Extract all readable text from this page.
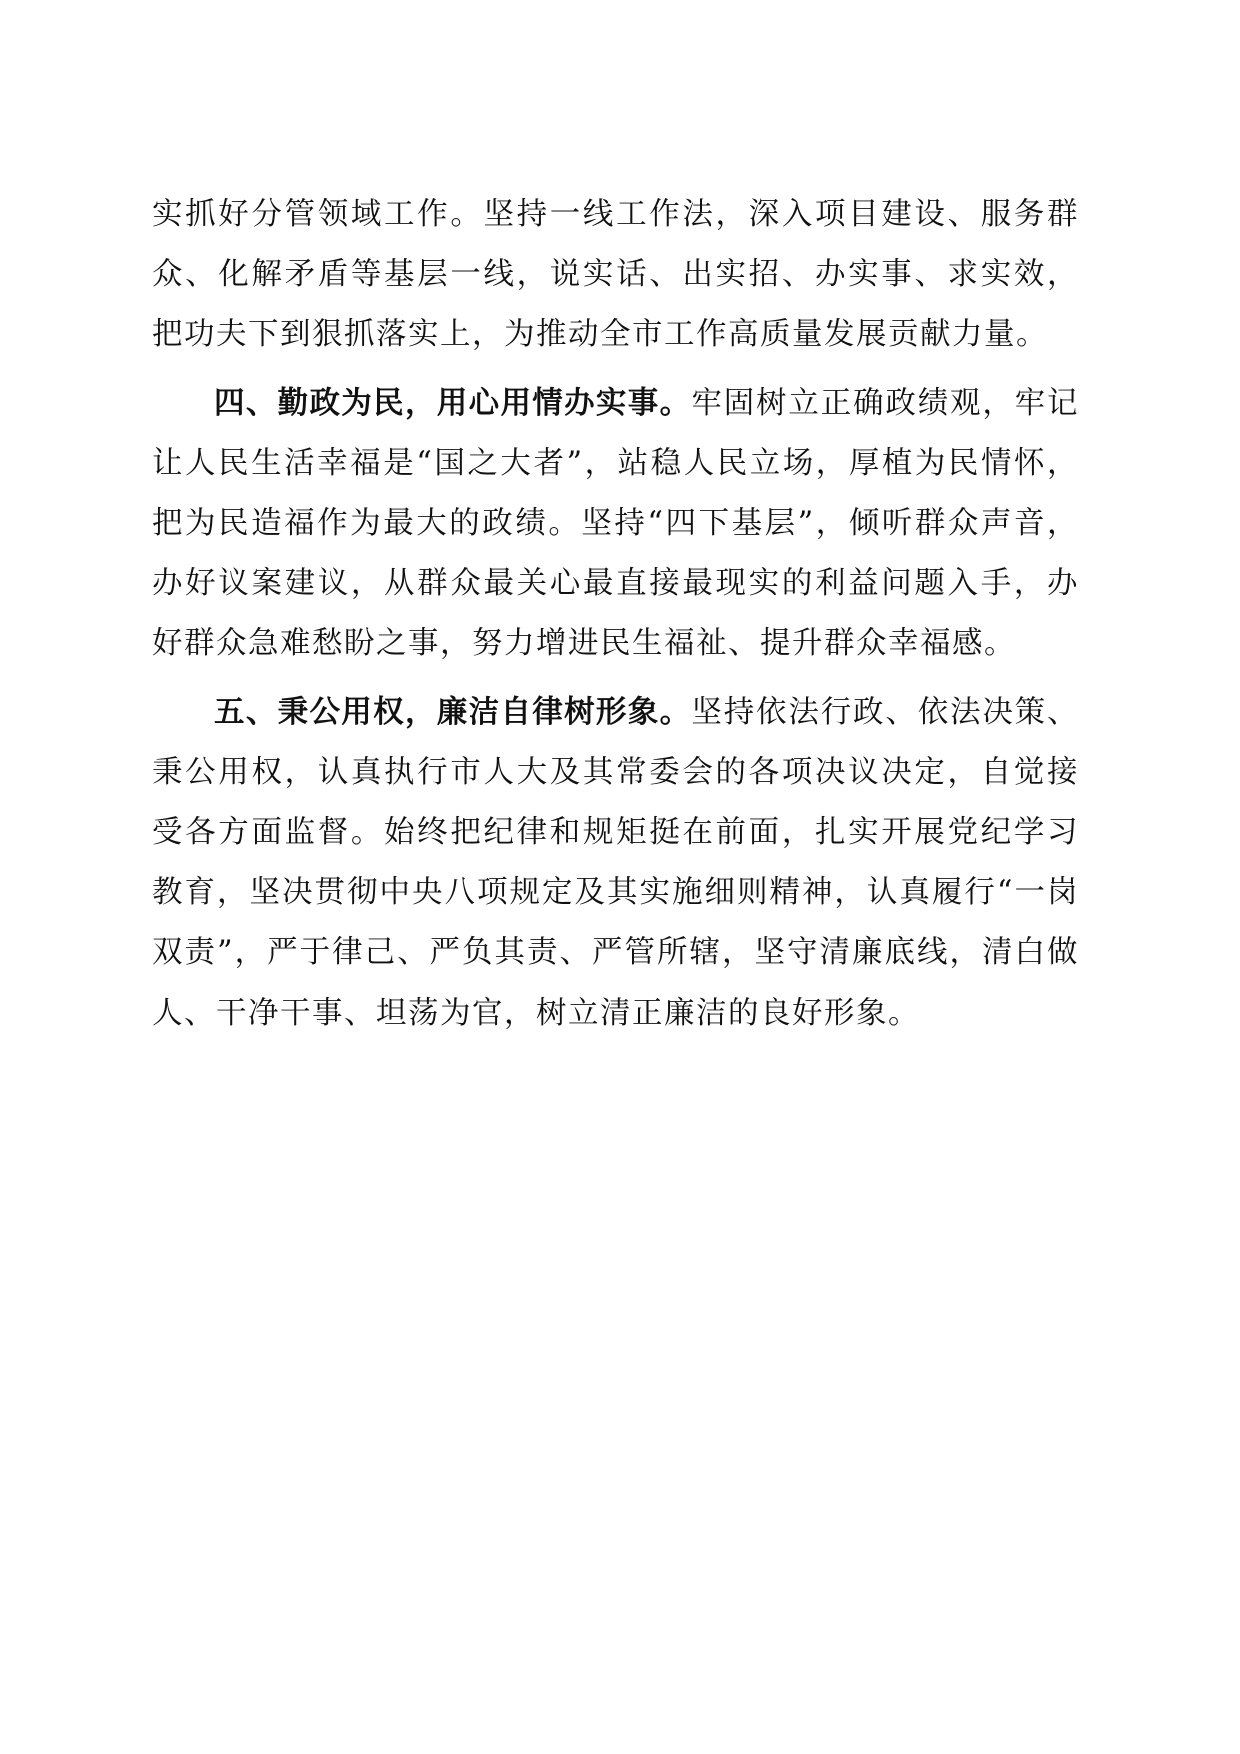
实抓好分管领域工作。坚持一线工作法，深入项目建设、服务群众、化解矛盾等基层一线，说实话、出实招、办实事、求实效，把功夫下到狠抓落实上，为推动全市工作高质量发展贡献力量。

四、勤政为民，用心用情办实事。牢固树立正确政绩观，牢记让人民生活幸福是“国之大者”，站稳人民立场，厚植为民情怀，把为民造福作为最大的政绩。坚持“四下基层”，倾听群众声音，办好议案建议，从群众最关心最直接最现实的利益问题入手，办好群众急难愁盼之事，努力增进民生福祉、提升群众幸福感。

五、秉公用权，廉洁自律树形象。坚持依法行政、依法决策、秉公用权，认真执行市人大及其常委会的各项决议决定，自觉接受各方面监督。始终把纪律和规矩挺在前面，扎实开展党纪学习教育，坚决贯彻中央八项规定及其实施细则精神，认真履行“一岗双责”，严于律己、严负其责、严管所辖，坚守清廉底线，清白做人、干净干事、坦荡为官，树立清正廉洁的良好形象。
